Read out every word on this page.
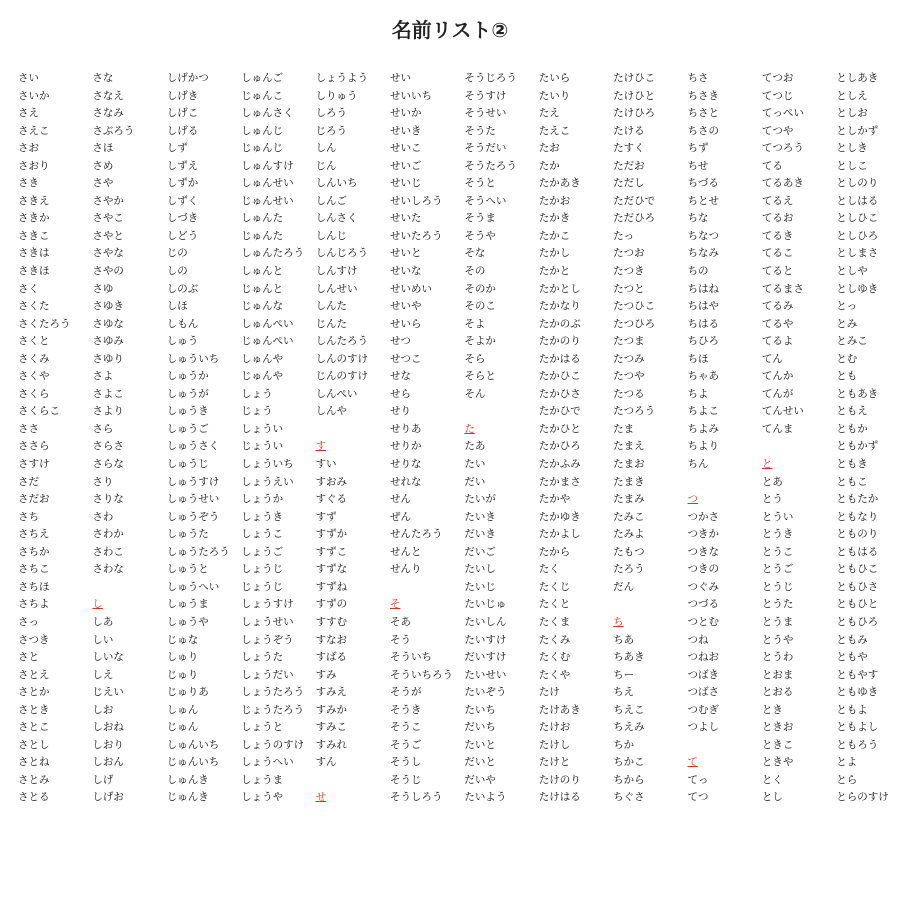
名前リスト②
さい
さいか
さえ
さえこ
さお
さおり
さき
さきえ
さきか
さきこ
さきは
さきほ
さく
さくた
さくたろう
さくと
さくみ
さくや
さくら
さくらこ
ささ
ささら
さすけ
さだ
さだお
さち
さちえ
さちか
さちこ
さちほ
さちよ
さっ
さつき
さと
さとえ
さとか
さとき
さとこ
さとし
さとね
さとみ
さとる
さな
さなえ
さなみ
さぶろう
さほ
さめ
さや
さやか
さやこ
さやと
さやな
さやの
さゆ
さゆき
さゆな
さゆみ
さゆり
さよ
さよこ
さより
さら
さらさ
さらな
さり
さりな
さわ
さわか
さわこ
さわな
し
しあ
しい
しいな
しえ
じえい
しお
しおね
しおり
しおん
しげ
しげお
しげかつ
しげき
しげこ
しげる
しず
しずえ
しずか
しずく
しづき
しどう
じの
しの
しのぶ
しほ
しもん
しゅう
しゅういち
しゅうか
しゅうが
しゅうき
しゅうご
しゅうさく
しゅうじ
しゅうすけ
しゅうせい
しゅうぞう
しゅうた
しゅうたろう
しゅうと
しゅうへい
しゅうま
しゅうや
じゅな
しゅり
じゅり
じゅりあ
しゅん
じゅん
しゅんいち
じゅんいち
しゅんき
じゅんき
しゅんご
じゅんこ
しゅんさく
しゅんじ
じゅんじ
しゅんすけ
しゅんせい
じゅんせい
しゅんた
じゅんた
しゅんたろう
しゅんと
じゅんと
じゅんな
しゅんぺい
じゅんぺい
しゅんや
じゅんや
しょう
じょう
しょうい
じょうい
しょういち
しょうえい
しょうか
しょうき
しょうこ
しょうご
しょうじ
じょうじ
しょうすけ
しょうせい
しょうぞう
しょうた
しょうだい
しょうたろう
じょうたろう
しょうと
しょうのすけ
しょうへい
しょうま
しょうや
しょうよう
しりゅう
しろう
じろう
しん
じん
しんいち
しんご
しんさく
しんじ
しんじろう
しんすけ
しんせい
しんた
じんた
しんたろう
しんのすけ
じんのすけ
しんぺい
しんや
す
すい
すおみ
すぐる
すず
すずか
すずこ
すずな
すずね
すずの
すすむ
すなお
すばる
すみ
すみえ
すみか
すみこ
すみれ
すん
せ
せい
せいいち
せいか
せいき
せいこ
せいご
せいじ
せいしろう
せいた
せいたろう
せいと
せいな
せいめい
せいや
せいら
せつ
せつこ
せな
せら
せり
せりあ
せりか
せりな
せれな
せん
ぜん
せんたろう
せんと
せんり
そ
そあ
そう
そういち
そういちろう
そうが
そうき
そうこ
そうご
そうし
そうじ
そうしろう
そうじろう
そうすけ
そうせい
そうた
そうだい
そうたろう
そうと
そうへい
そうま
そうや
そな
その
そのか
そのこ
そよ
そよか
そら
そらと
そん
た
たあ
たい
だい
たいが
たいき
だいき
だいご
たいし
たいじ
たいじゅ
たいしん
たいすけ
だいすけ
たいせい
たいぞう
たいち
だいち
たいと
だいと
だいや
たいよう
たいら
たいり
たえ
たえこ
たお
たか
たかあき
たかお
たかき
たかこ
たかし
たかと
たかとし
たかなり
たかのぶ
たかのり
たかはる
たかひこ
たかひさ
たかひで
たかひと
たかひろ
たかふみ
たかまさ
たかや
たかゆき
たかよし
たから
たく
たくじ
たくと
たくま
たくみ
たくむ
たくや
たけ
たけあき
たけお
たけし
たけと
たけのり
たけはる
たけひこ
たけひと
たけひろ
たける
たすく
ただお
ただし
ただひで
ただひろ
たっ
たつお
たつき
たつと
たつひこ
たつひろ
たつま
たつみ
たつや
たつる
たつろう
たま
たまえ
たまお
たまき
たまみ
たみこ
たみよ
たもつ
たろう
だん
ち
ちあ
ちあき
ちー
ちえ
ちえこ
ちえみ
ちか
ちかこ
ちから
ちぐさ
ちさ
ちさき
ちさと
ちさの
ちず
ちせ
ちづる
ちとせ
ちな
ちなつ
ちなみ
ちの
ちはね
ちはや
ちはる
ちひろ
ちほ
ちゃあ
ちよ
ちよこ
ちよみ
ちより
ちん
つ
つかさ
つきか
つきな
つきの
つぐみ
つづる
つとむ
つね
つねお
つばき
つばさ
つむぎ
つよし
て
てっ
てつ
てつお
てつじ
てっぺい
てつや
てつろう
てる
てるあき
てるえ
てるお
てるき
てるこ
てると
てるまさ
てるみ
てるや
てるよ
てん
てんか
てんが
てんせい
てんま
と
とあ
とう
とうい
とうき
とうこ
とうご
とうじ
とうた
とうま
とうや
とうわ
とおま
とおる
とき
ときお
ときこ
ときや
とく
とし
としあき
としえ
としお
としかず
としき
としこ
としのり
としはる
としひこ
としひろ
としまさ
としや
としゆき
とっ
とみ
とみこ
とむ
とも
ともあき
ともえ
ともか
ともかず
ともき
ともこ
ともたか
ともなり
とものり
ともはる
ともひこ
ともひさ
ともひと
ともひろ
ともみ
ともや
ともやす
ともゆき
ともよ
ともよし
ともろう
とよ
とら
とらのすけ
